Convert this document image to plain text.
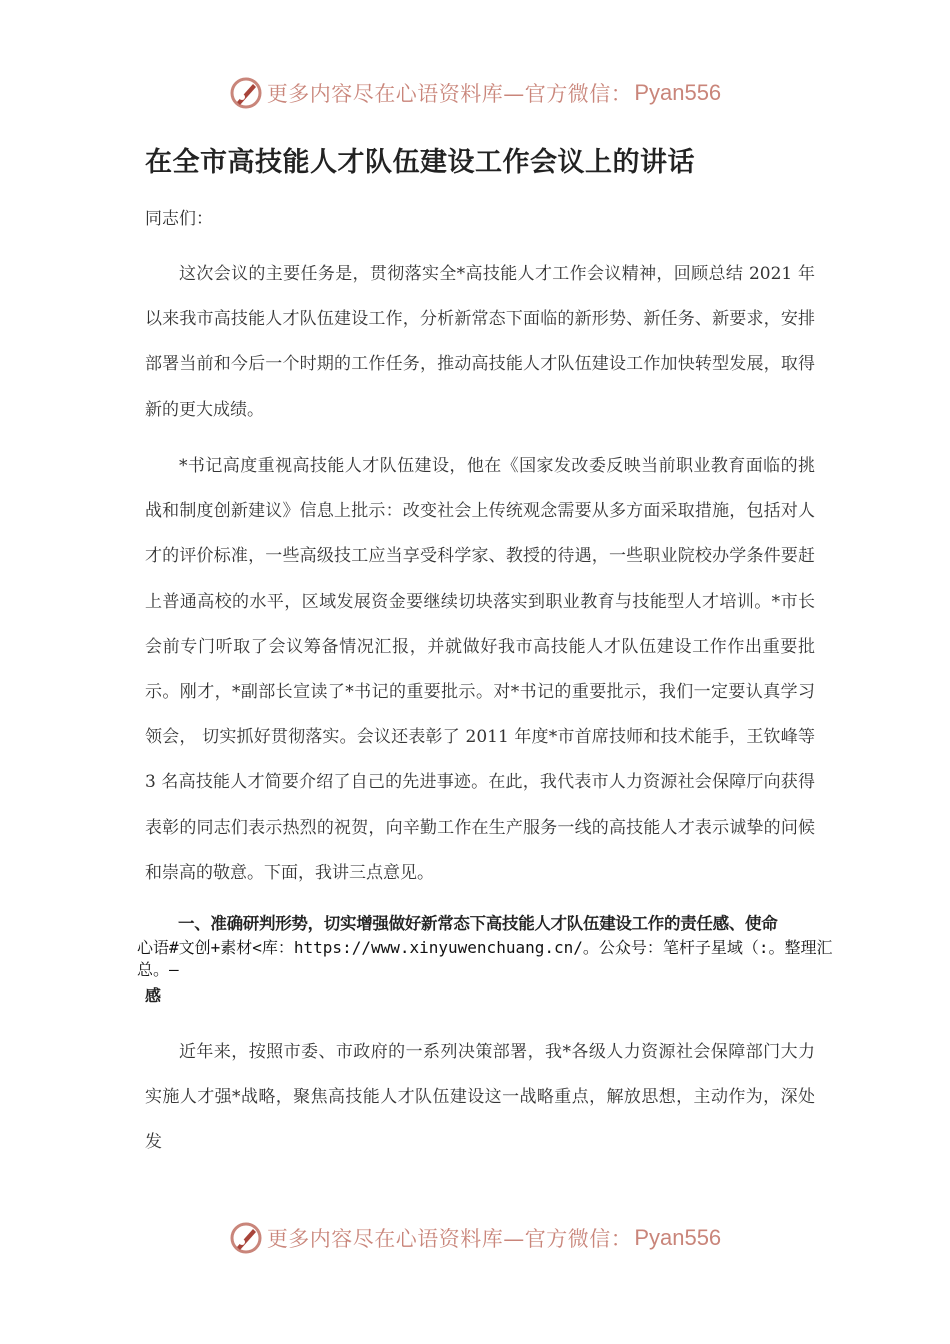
更多内容尽在心语资料库—官方微信： Pyan556
在全市高技能人才队伍建设工作会议上的讲话

同志们：

这次会议的主要任务是，贯彻落实全*高技能人才工作会议精神，回顾总结 2021 年以来我市高技能人才队伍建设工作，分析新常态下面临的新形势、新任务、新要求，安排部署当前和今后一个时期的工作任务，推动高技能人才队伍建设工作加快转型发展，取得新的更大成绩。

*书记高度重视高技能人才队伍建设，他在《国家发改委反映当前职业教育面临的挑战和制度创新建议》信息上批示：改变社会上传统观念需要从多方面采取措施，包括对人才的评价标准，一些高级技工应当享受科学家、教授的待遇，一些职业院校办学条件要赶上普通高校的水平，区域发展资金要继续切块落实到职业教育与技能型人才培训。*市长会前专门听取了会议筹备情况汇报，并就做好我市高技能人才队伍建设工作作出重要批示。刚才，*副部长宣读了*书记的重要批示。对*书记的重要批示，我们一定要认真学习领会， 切实抓好贯彻落实。会议还表彰了 2011 年度*市首席技师和技术能手，王钦峰等 3 名高技能人才简要介绍了自己的先进事迹。在此，我代表市人力资源社会保障厅向获得表彰的同志们表示热烈的祝贺，向辛勤工作在生产服务一线的高技能人才表示诚挚的问候和崇高的敬意。下面，我讲三点意见。

一、准确研判形势，切实增强做好新常态下高技能人才队伍建设工作的责任感、使命

心语#文创+素材<库：https://www.xinyuwenchuang.cn/。公众号：笔杆子星域（:。整理汇总。—

感

近年来，按照市委、市政府的一系列决策部署，我*各级人力资源社会保障部门大力实施人才强*战略，聚焦高技能人才队伍建设这一战略重点，解放思想，主动作为，深处发

更多内容尽在心语资料库—官方微信： Pyan556
